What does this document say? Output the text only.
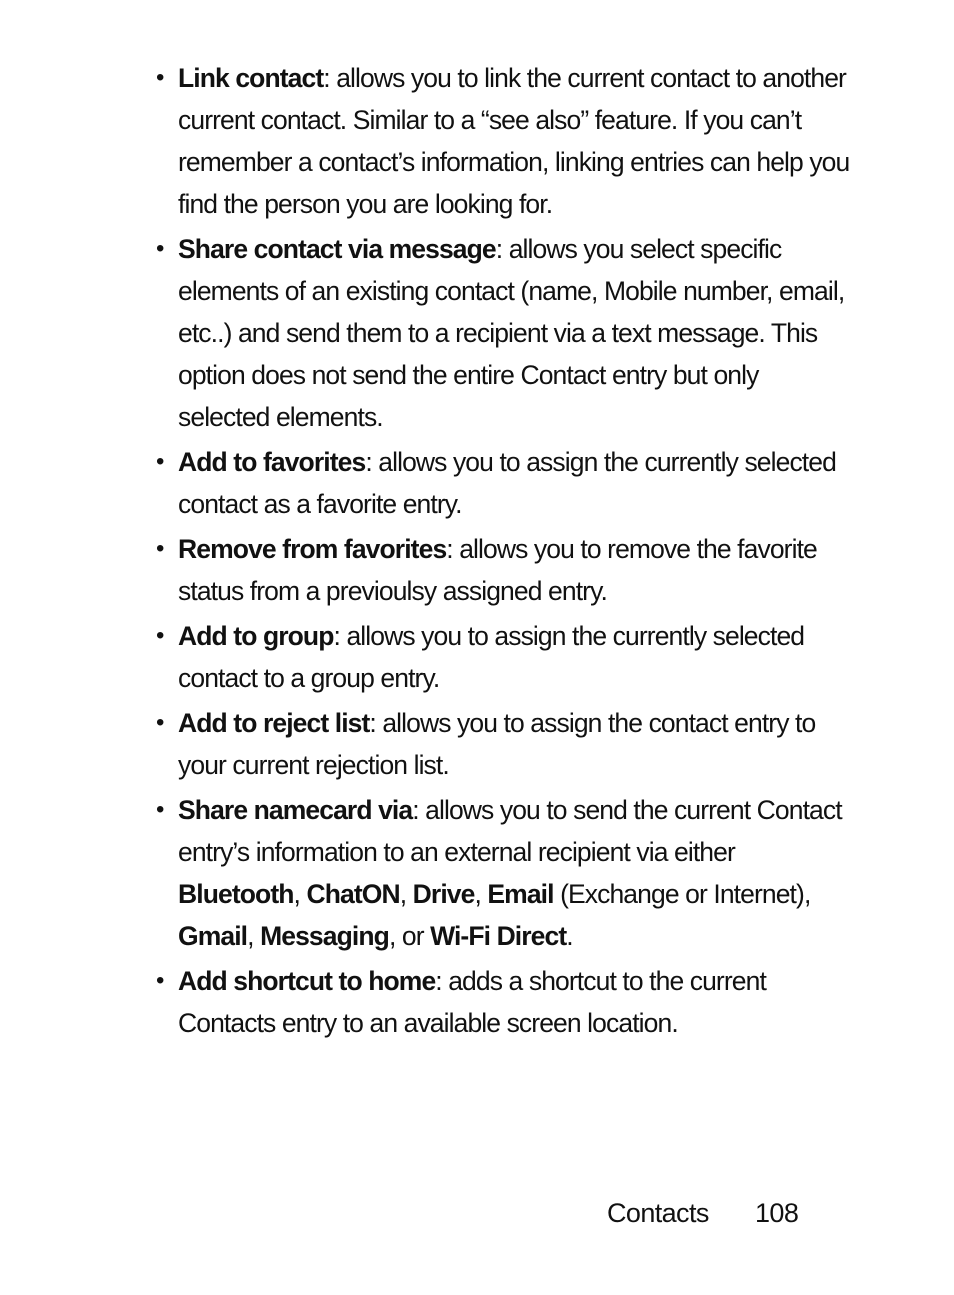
• Link contact: allows you to link the current contact to another current contact. Similar to a “see also” feature. If you can’t remember a contact’s information, linking entries can help you find the person you are looking for.
• Share contact via message: allows you select specific elements of an existing contact (name, Mobile number, email, etc..) and send them to a recipient via a text message. This option does not send the entire Contact entry but only selected elements.
• Add to favorites: allows you to assign the currently selected contact as a favorite entry.
• Remove from favorites: allows you to remove the favorite status from a previoulsy assigned entry.
• Add to group: allows you to assign the currently selected contact to a group entry.
• Add to reject list: allows you to assign the contact entry to your current rejection list.
• Share namecard via: allows you to send the current Contact entry’s information to an external recipient via either Bluetooth, ChatON, Drive, Email (Exchange or Internet), Gmail, Messaging, or Wi-Fi Direct.
• Add shortcut to home: adds a shortcut to the current Contacts entry to an available screen location.
Contacts 108
